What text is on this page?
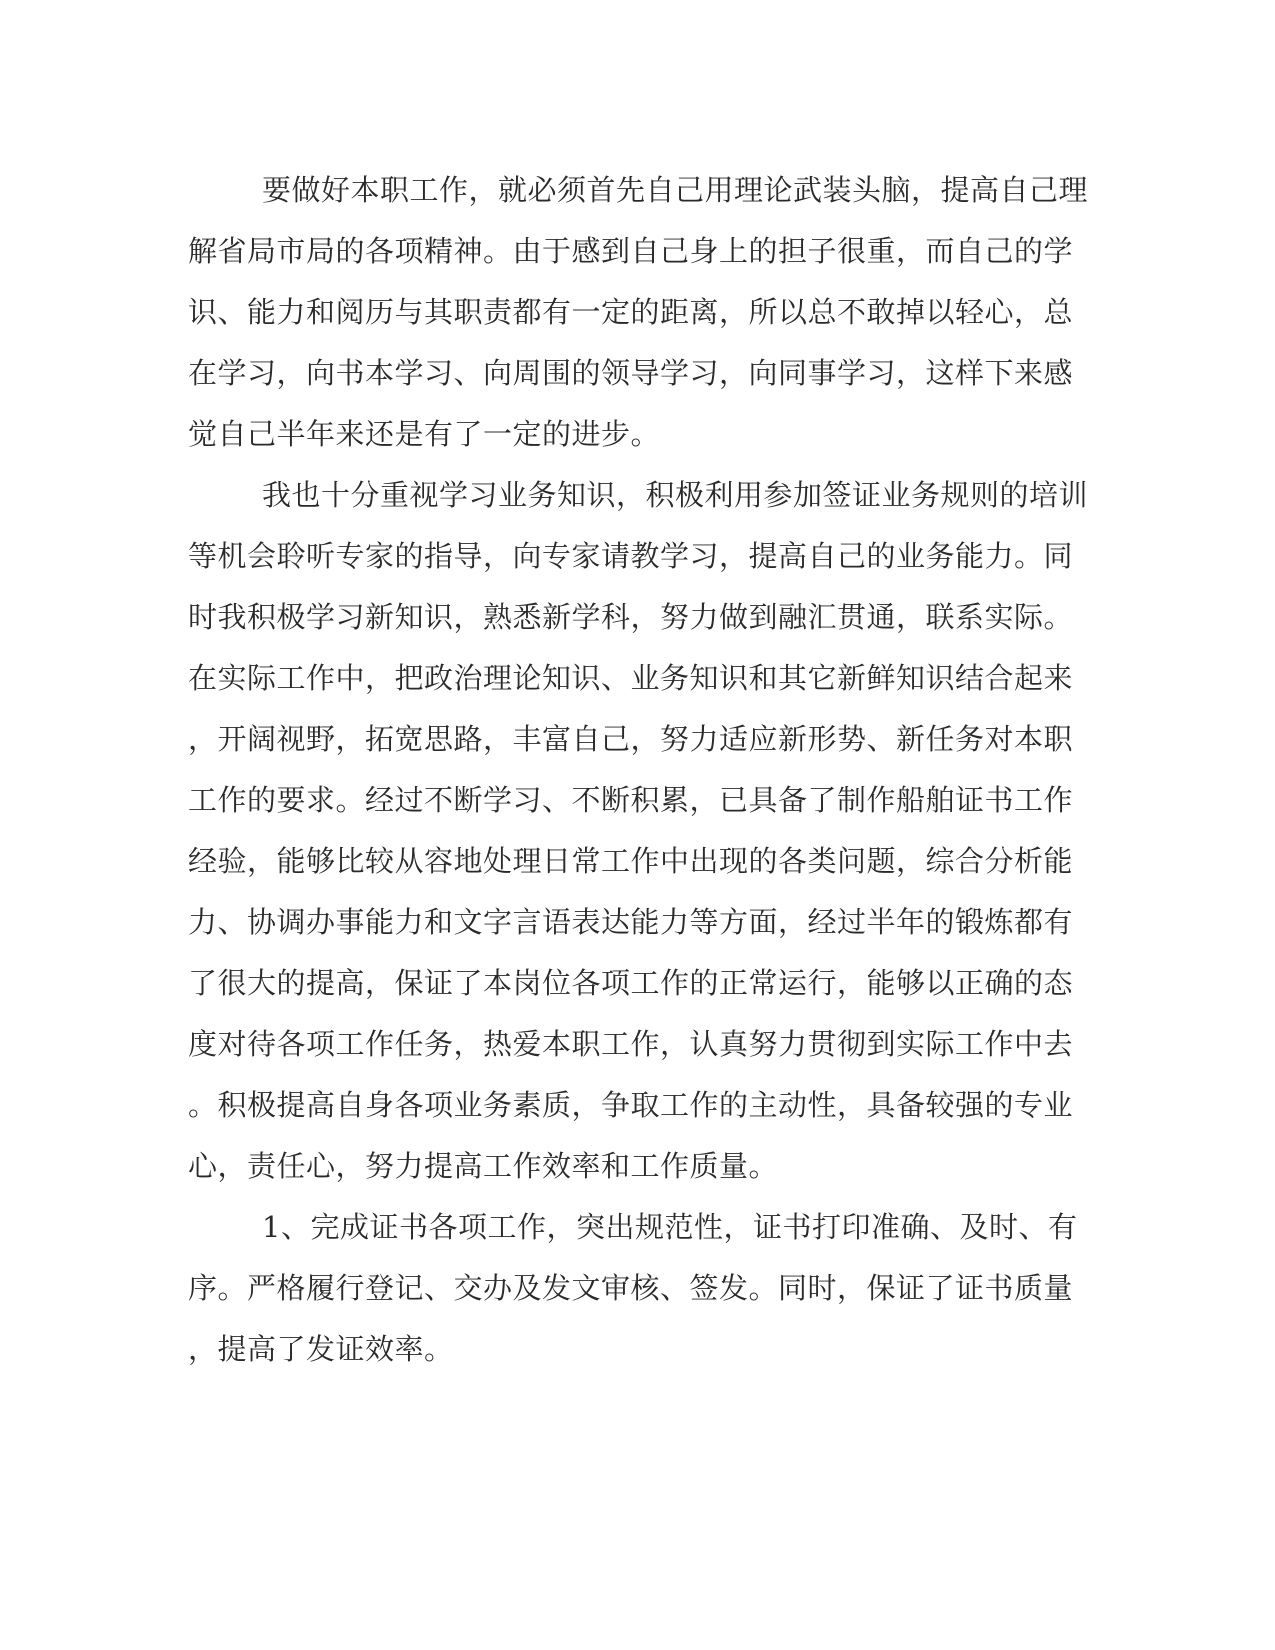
要做好本职工作，就必须首先自己用理论武装头脑，提高自己理
解省局市局的各项精神。由于感到自己身上的担子很重，而自己的学
识、能力和阅历与其职责都有一定的距离，所以总不敢掉以轻心，总
在学习，向书本学习、向周围的领导学习，向同事学习，这样下来感
觉自己半年来还是有了一定的进步。
我也十分重视学习业务知识，积极利用参加签证业务规则的培训
等机会聆听专家的指导，向专家请教学习，提高自己的业务能力。同
时我积极学习新知识，熟悉新学科，努力做到融汇贯通，联系实际。
在实际工作中，把政治理论知识、业务知识和其它新鲜知识结合起来
，开阔视野，拓宽思路，丰富自己，努力适应新形势、新任务对本职
工作的要求。经过不断学习、不断积累，已具备了制作船舶证书工作
经验，能够比较从容地处理日常工作中出现的各类问题，综合分析能
力、协调办事能力和文字言语表达能力等方面，经过半年的锻炼都有
了很大的提高，保证了本岗位各项工作的正常运行，能够以正确的态
度对待各项工作任务，热爱本职工作，认真努力贯彻到实际工作中去
。积极提高自身各项业务素质，争取工作的主动性，具备较强的专业
心，责任心，努力提高工作效率和工作质量。
1、完成证书各项工作，突出规范性，证书打印准确、及时、有
序。严格履行登记、交办及发文审核、签发。同时，保证了证书质量
，提高了发证效率。
